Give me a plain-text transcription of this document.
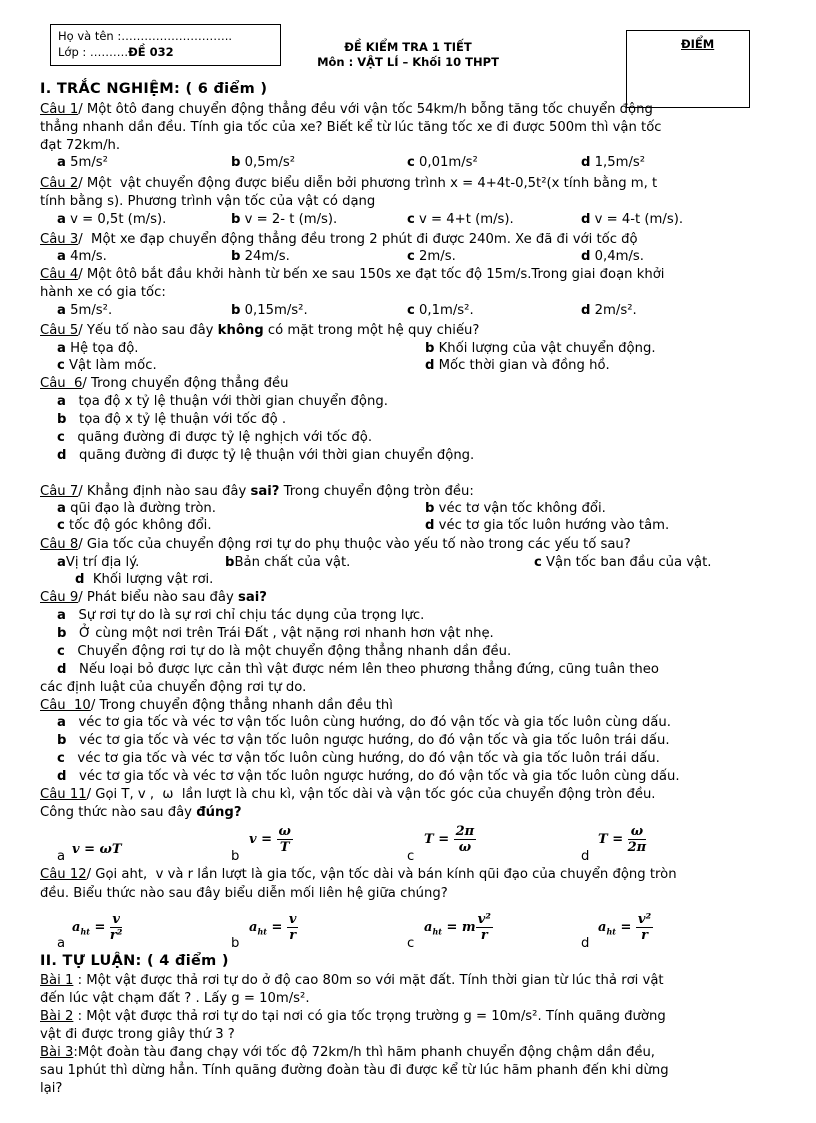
Họ và tên :………………………..
Lớp : ……….ĐỀ 032	ĐỀ KIỂM TRA 1 TIẾT
Môn : VẬT LÍ – Khối 10 THPT
ĐIỂM
I. TRẮC NGHIỆM: ( 6 điểm )
Câu 1/ Một ôtô đang chuyển động thẳng đều với vận tốc 54km/h bỗng tăng tốc chuyển động
thẳng nhanh dần đều. Tính gia tốc của xe? Biết kể từ lúc tăng tốc xe đi được 500m thì vận tốc
đạt 72km/h.
a 5m/s²	b 0,5m/s²	c 0,01m/s²	d 1,5m/s²
Câu 2/ Một  vật chuyển động được biểu diễn bởi phương trình x = 4+4t-0,5t²(x tính bằng m, t
tính bằng s). Phương trình vận tốc của vật có dạng
a v = 0,5t (m/s).	b v = 2- t (m/s).	c v = 4+t (m/s).	d v = 4-t (m/s).
Câu 3/  Một xe đạp chuyển động thẳng đều trong 2 phút đi được 240m. Xe đã đi với tốc độ
a 4m/s.	b 24m/s.	c 2m/s.	d 0,4m/s.
Câu 4/ Một ôtô bắt đầu khởi hành từ bến xe sau 150s xe đạt tốc độ 15m/s.Trong giai đoạn khởi
hành xe có gia tốc:
a 5m/s².	b 0,15m/s².	c 0,1m/s².	d 2m/s².
Câu 5/ Yếu tố nào sau đây không có mặt trong một hệ quy chiếu?
a Hệ tọa độ.	b Khối lượng của vật chuyển động.
c Vật làm mốc.	d Mốc thời gian và đồng hồ.
Câu  6/ Trong chuyển động thẳng đều
a tọa độ x tỷ lệ thuận với thời gian chuyển động.
b tọa độ x tỷ lệ thuận với tốc độ .
c quãng đường đi được tỷ lệ nghịch với tốc độ.
d quãng đường đi được tỷ lệ thuận với thời gian chuyển động.
Câu 7/ Khẳng định nào sau đây sai? Trong chuyển động tròn đều:
a qũi đạo là đường tròn.	b véc tơ vận tốc không đổi.
c tốc độ góc không đổi.	d véc tơ gia tốc luôn hướng vào tâm.
Câu 8/ Gia tốc của chuyển động rơi tự do phụ thuộc vào yếu tố nào trong các yếu tố sau?
aVị trí địa lý.	bBản chất của vật.	c Vận tốc ban đầu của vật.
d Khối lượng vật rơi.
Câu 9/ Phát biểu nào sau đây sai?
a Sự rơi tự do là sự rơi chỉ chịu tác dụng của trọng lực.
b Ở cùng một nơi trên Trái Đất , vật nặng rơi nhanh hơn vật nhẹ.
c Chuyển động rơi tự do là một chuyển động thẳng nhanh dần đều.
d Nếu loại bỏ được lực cản thì vật được ném lên theo phương thẳng đứng, cũng tuân theo
các định luật của chuyển động rơi tự do.
Câu  10/ Trong chuyển động thẳng nhanh dần đều thì
a véc tơ gia tốc và véc tơ vận tốc luôn cùng hướng, do đó vận tốc và gia tốc luôn cùng dấu.
b véc tơ gia tốc và véc tơ vận tốc luôn ngược hướng, do đó vận tốc và gia tốc luôn trái dấu.
c véc tơ gia tốc và véc tơ vận tốc luôn cùng hướng, do đó vận tốc và gia tốc luôn trái dấu.
d véc tơ gia tốc và véc tơ vận tốc luôn ngược hướng, do đó vận tốc và gia tốc luôn cùng dấu.
Câu 11/ Gọi T, v ,  ω  lần lượt là chu kì, vận tốc dài và vận tốc góc của chuyển động tròn đều.
Công thức nào sau đây đúng?
a v = ωT	b
$v = \frac{\omega}{T}$
c
$T = \frac{2\pi}{\omega}$
d
$T = \frac{\omega}{2\pi}$
Câu 12/ Gọi aht,  v và r lần lượt là gia tốc, vận tốc dài và bán kính qũi đạo của chuyển động tròn
đều. Biểu thức nào sau đây biểu diễn mối liên hệ giữa chúng?
a
$a_{ht} = \frac{v}{\text{r²}}$
b
$a_{ht} = \frac{v}{r}$
c
$a_{ht} = m \frac{\text{v²}}{r}$
d
$a_{ht} = \frac{\text{v²}}{r}$
II. TỰ LUẬN: ( 4 điểm )
Bài 1 : Một vật được thả rơi tự do ở độ cao 80m so với mặt đất. Tính thời gian từ lúc thả rơi vật
đến lúc vật chạm đất ? . Lấy g = 10m/s².
Bài 2 : Một vật được thả rơi tự do tại nơi có gia tốc trọng trường g = 10m/s². Tính quãng đường
vật đi được trong giây thứ 3 ?
Bài 3:Một đoàn tàu đang chạy với tốc độ 72km/h thì hãm phanh chuyển động chậm dần đều,
sau 1phút thì dừng hẳn. Tính quãng đường đoàn tàu đi được kể từ lúc hãm phanh đến khi dừng
lại?
